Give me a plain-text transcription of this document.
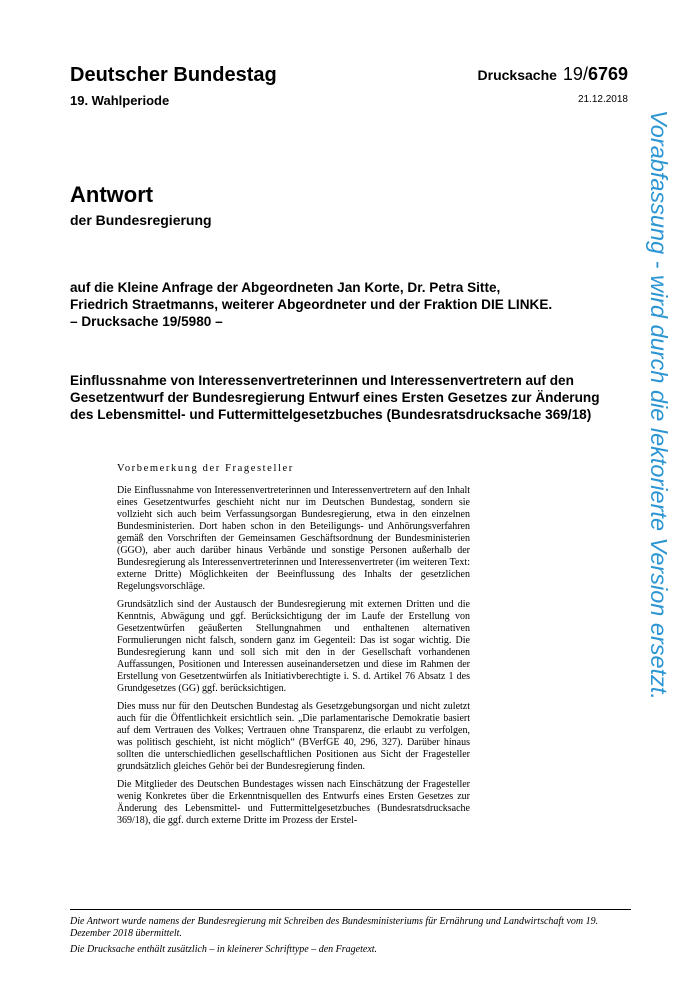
Deutscher Bundestag
19. Wahlperiode
Drucksache 19/6769
21.12.2018
Antwort
der Bundesregierung
auf die Kleine Anfrage der Abgeordneten Jan Korte, Dr. Petra Sitte,
Friedrich Straetmanns, weiterer Abgeordneter und der Fraktion DIE LINKE.
– Drucksache 19/5980 –
Einflussnahme von Interessenvertreterinnen und Interessenvertretern auf den
Gesetzentwurf der Bundesregierung Entwurf eines Ersten Gesetzes zur Änderung
des Lebensmittel- und Futtermittelgesetzbuches (Bundesratsdrucksache 369/18)
Vorbemerkung der Fragesteller

Die Einflussnahme von Interessenvertreterinnen und Interessenvertretern auf den Inhalt eines Gesetzentwurfes geschieht nicht nur im Deutschen Bundestag, sondern sie vollzieht sich auch beim Verfassungsorgan Bundesregierung, etwa in den einzelnen Bundesministerien. Dort haben schon in den Beteiligungs- und Anhörungsverfahren gemäß den Vorschriften der Gemeinsamen Geschäftsordnung der Bundesministerien (GGO), aber auch darüber hinaus Verbände und sonstige Personen außerhalb der Bundesregierung als Interessenvertreterinnen und Interessenvertreter (im weiteren Text: externe Dritte) Möglichkeiten der Beeinflussung des Inhalts der gesetzlichen Regelungsvorschläge.

Grundsätzlich sind der Austausch der Bundesregierung mit externen Dritten und die Kenntnis, Abwägung und ggf. Berücksichtigung der im Laufe der Erstellung von Gesetzentwürfen geäußerten Stellungnahmen und enthaltenen alternativen Formulierungen nicht falsch, sondern ganz im Gegenteil: Das ist sogar wichtig. Die Bundesregierung kann und soll sich mit den in der Gesellschaft vorhandenen Auffassungen, Positionen und Interessen auseinandersetzen und diese im Rahmen der Erstellung von Gesetzentwürfen als Initiativberechtigte i. S. d. Artikel 76 Absatz 1 des Grundgesetzes (GG) ggf. berücksichtigen.

Dies muss nur für den Deutschen Bundestag als Gesetzgebungsorgan und nicht zuletzt auch für die Öffentlichkeit ersichtlich sein. „Die parlamentarische Demokratie basiert auf dem Vertrauen des Volkes; Vertrauen ohne Transparenz, die erlaubt zu verfolgen, was politisch geschieht, ist nicht möglich“ (BVerfGE 40, 296, 327). Darüber hinaus sollten die unterschiedlichen gesellschaftlichen Positionen aus Sicht der Fragesteller grundsätzlich gleiches Gehör bei der Bundesregierung finden.

Die Mitglieder des Deutschen Bundestages wissen nach Einschätzung der Fragesteller wenig Konkretes über die Erkenntnisquellen des Entwurfs eines Ersten Gesetzes zur Änderung des Lebensmittel- und Futtermittelgesetzbuches (Bundesratsdrucksache 369/18), die ggf. durch externe Dritte im Prozess der Erstel-

Vorabfassung - wird durch die lektorierte Version ersetzt.

Die Antwort wurde namens der Bundesregierung mit Schreiben des Bundesministeriums für Ernährung und Landwirtschaft vom 19. Dezember 2018 übermittelt.

Die Drucksache enthält zusätzlich – in kleinerer Schrifttype – den Fragetext.
